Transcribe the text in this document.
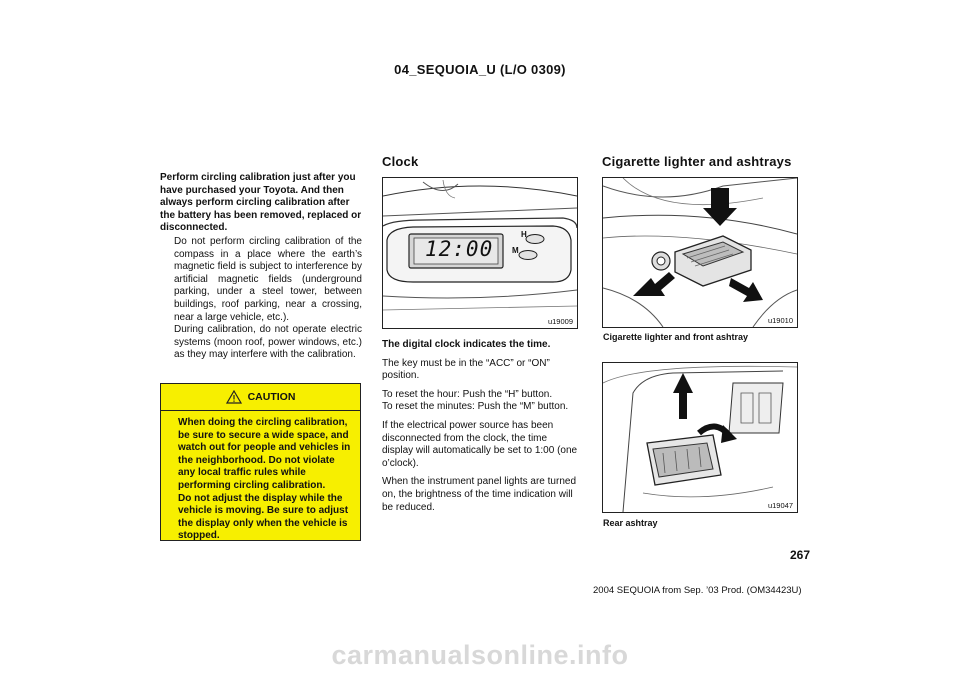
04_SEQUOIA_U (L/O 0309)

Perform circling calibration just after you have purchased your Toyota. And then always perform circling calibration after the battery has been removed, replaced or disconnected.

Do not perform circling calibration of the compass in a place where the earth’s magnetic field is subject to interference by artificial magnetic fields (underground parking, under a steel tower, between buildings, roof parking, near a crossing, near a large vehicle, etc.).

During calibration, do not operate electric systems (moon roof, power windows, etc.) as they may interfere with the calibration.

CAUTION

When doing the circling calibration, be sure to secure a wide space, and watch out for people and vehicles in the neighborhood. Do not violate any local traffic rules while performing circling calibration.

Do not adjust the display while the vehicle is moving. Be sure to adjust the display only when the vehicle is stopped.

Clock
12:00
H
M
u19009

The digital clock indicates the time.

The key must be in the “ACC” or “ON” position.

To reset the hour: Push the “H” button.
To reset the minutes: Push the “M” button.

If the electrical power source has been disconnected from the clock, the time display will automatically be set to 1:00 (one o’clock).

When the instrument panel lights are turned on, the brightness of the time indication will be reduced.

Cigarette lighter and ashtrays
u19010
Cigarette lighter and front ashtray
u19047
Rear ashtray
267
2004 SEQUOIA from Sep. ’03 Prod. (OM34423U)
carmanualsonline.info
